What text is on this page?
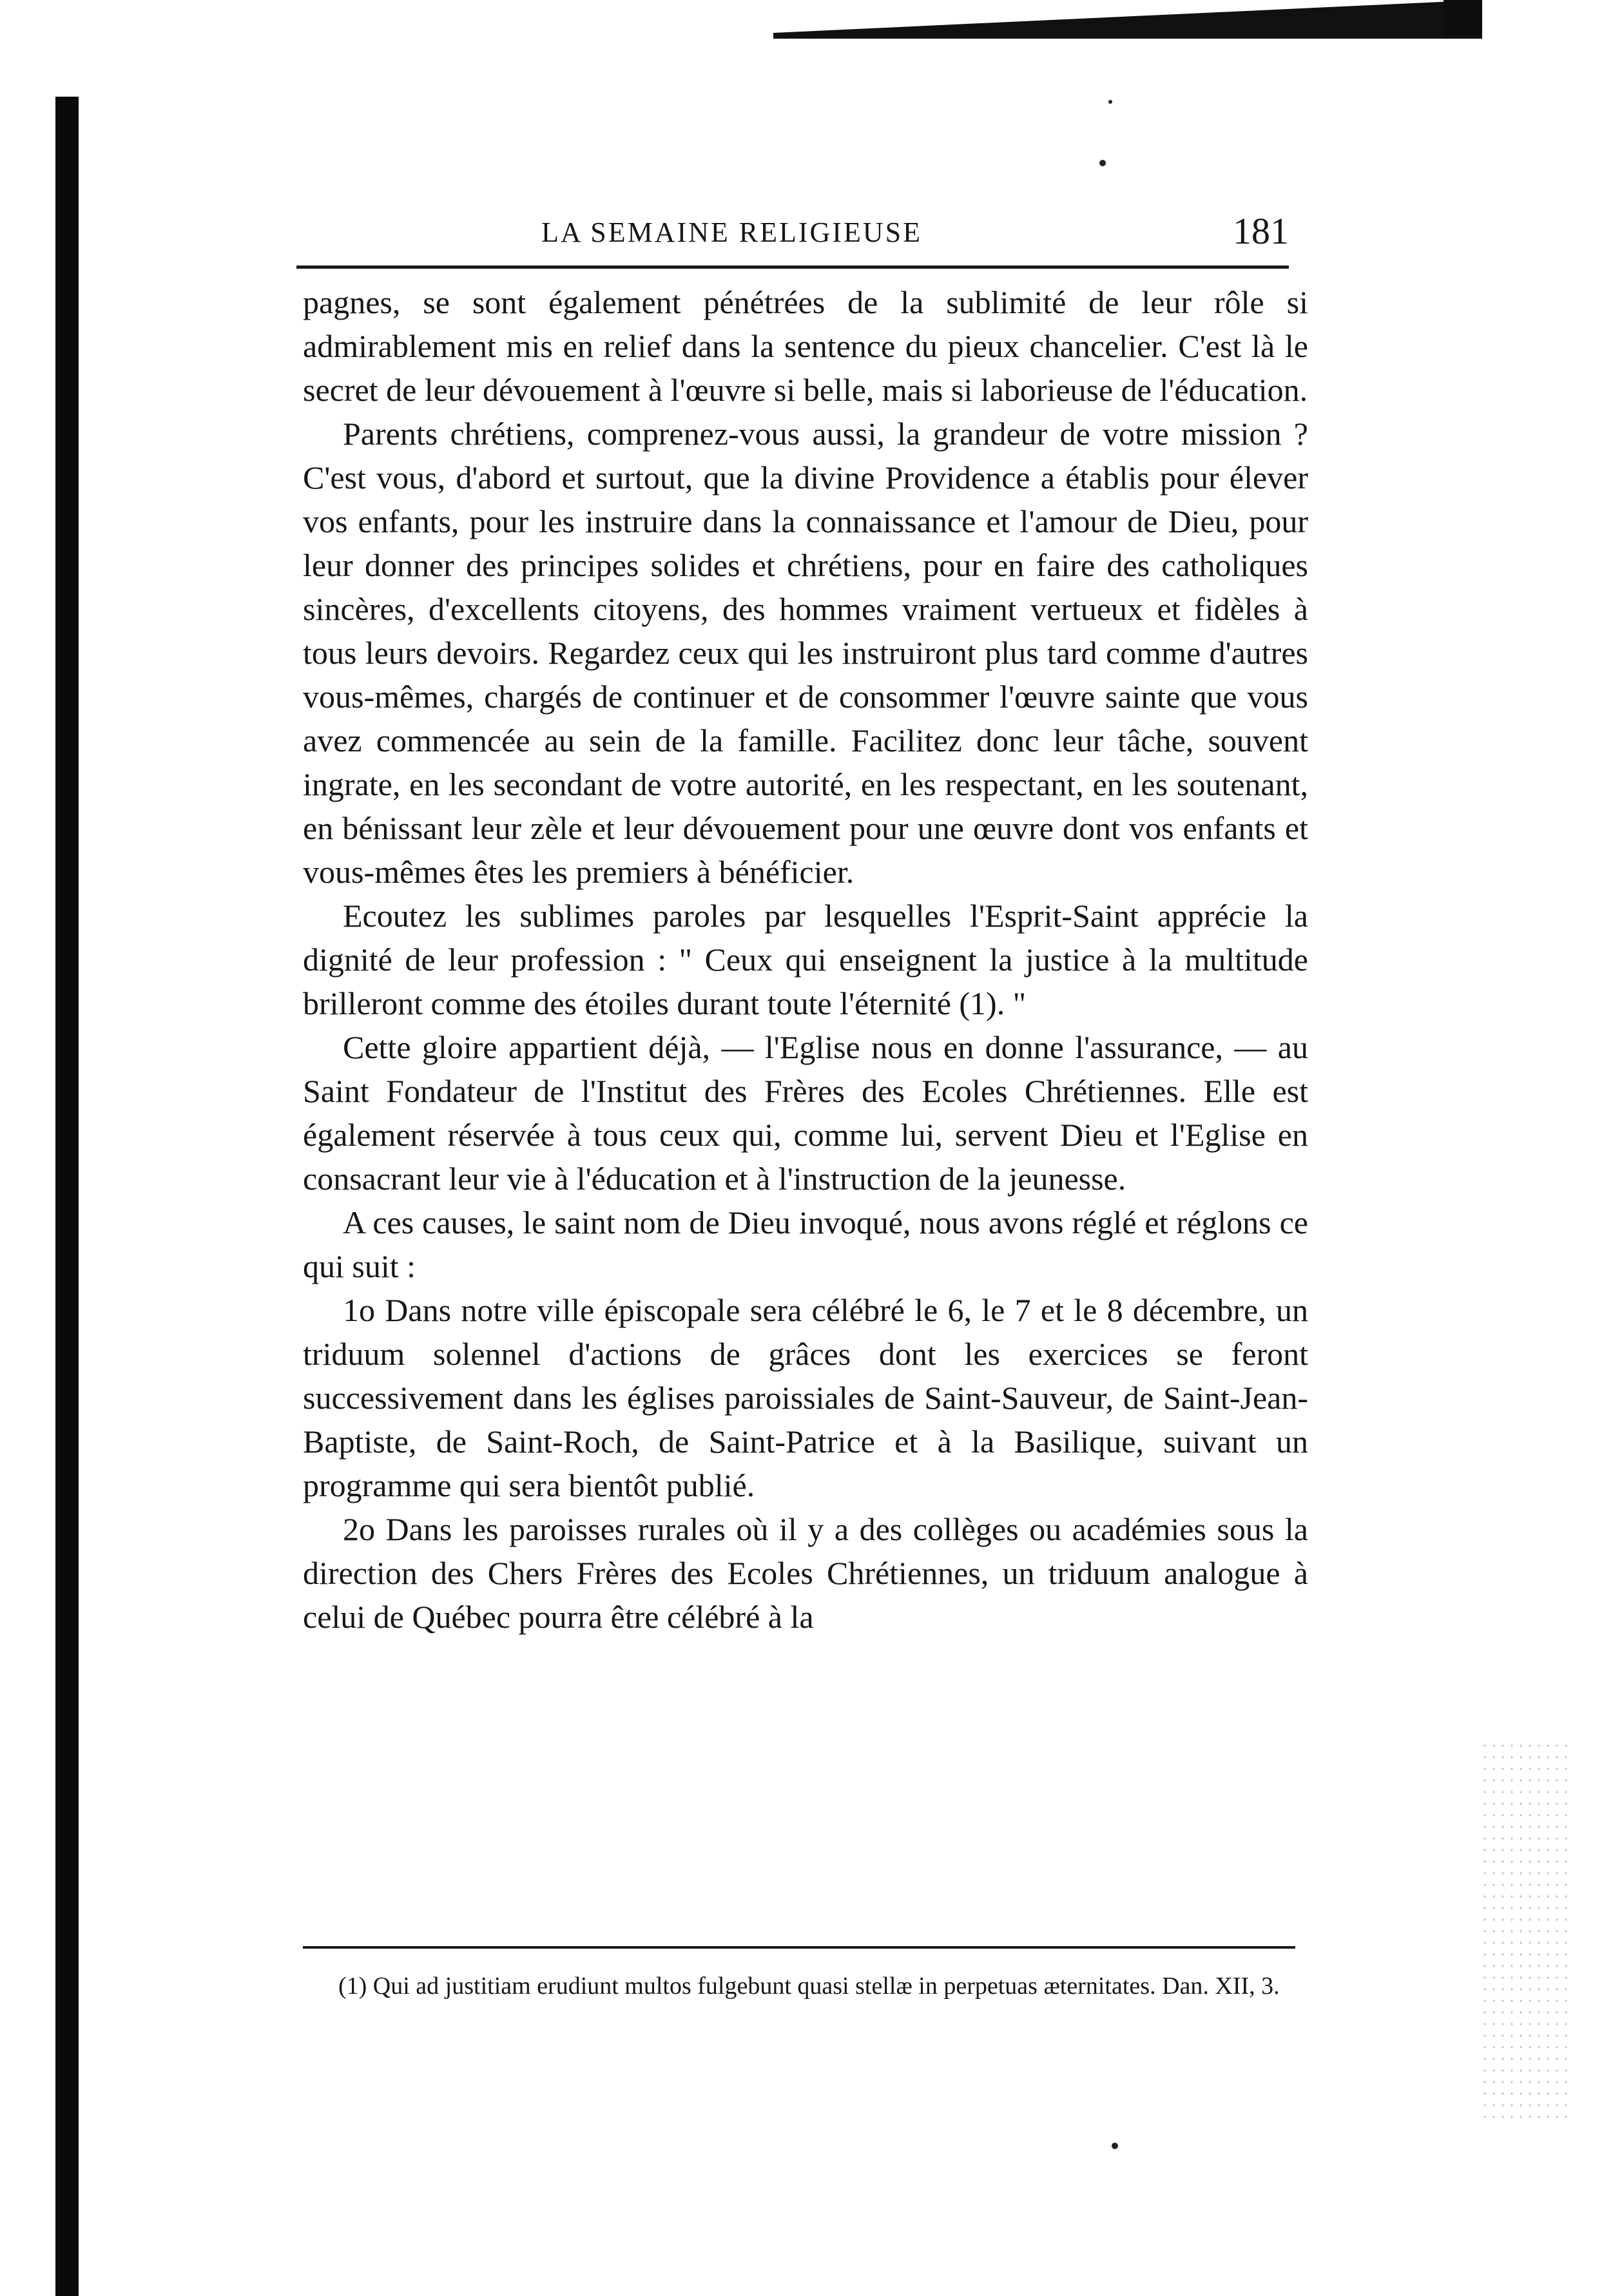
LA SEMAINE RELIGIEUSE	181

pagnes, se sont également pénétrées de la sublimité de leur rôle si admirablement mis en relief dans la sentence du pieux chancelier. C'est là le secret de leur dévouement à l'œuvre si belle, mais si laborieuse de l'éducation.

Parents chrétiens, comprenez-vous aussi, la grandeur de votre mission ? C'est vous, d'abord et surtout, que la divine Providence a établis pour élever vos enfants, pour les instruire dans la connaissance et l'amour de Dieu, pour leur donner des principes solides et chrétiens, pour en faire des catholiques sincères, d'excellents citoyens, des hommes vraiment vertueux et fidèles à tous leurs devoirs. Regardez ceux qui les instruiront plus tard comme d'autres vous-mêmes, chargés de continuer et de consommer l'œuvre sainte que vous avez commencée au sein de la famille. Facilitez donc leur tâche, souvent ingrate, en les secondant de votre autorité, en les respectant, en les soutenant, en bénissant leur zèle et leur dévouement pour une œuvre dont vos enfants et vous-mêmes êtes les premiers à bénéficier.

Ecoutez les sublimes paroles par lesquelles l'Esprit-Saint apprécie la dignité de leur profession : " Ceux qui enseignent la justice à la multitude brilleront comme des étoiles durant toute l'éternité (1). "

Cette gloire appartient déjà, — l'Eglise nous en donne l'assurance, — au Saint Fondateur de l'Institut des Frères des Ecoles Chrétiennes. Elle est également réservée à tous ceux qui, comme lui, servent Dieu et l'Eglise en consacrant leur vie à l'éducation et à l'instruction de la jeunesse.

A ces causes, le saint nom de Dieu invoqué, nous avons réglé et réglons ce qui suit :

1o Dans notre ville épiscopale sera célébré le 6, le 7 et le 8 décembre, un triduum solennel d'actions de grâces dont les exercices se feront successivement dans les églises paroissiales de Saint-Sauveur, de Saint-Jean-Baptiste, de Saint-Roch, de Saint-Patrice et à la Basilique, suivant un programme qui sera bientôt publié.

2o Dans les paroisses rurales où il y a des collèges ou académies sous la direction des Chers Frères des Ecoles Chrétiennes, un triduum analogue à celui de Québec pourra être célébré à la

(1) Qui ad justitiam erudiunt multos fulgebunt quasi stellæ in perpetuas æternitates. Dan. XII, 3.
